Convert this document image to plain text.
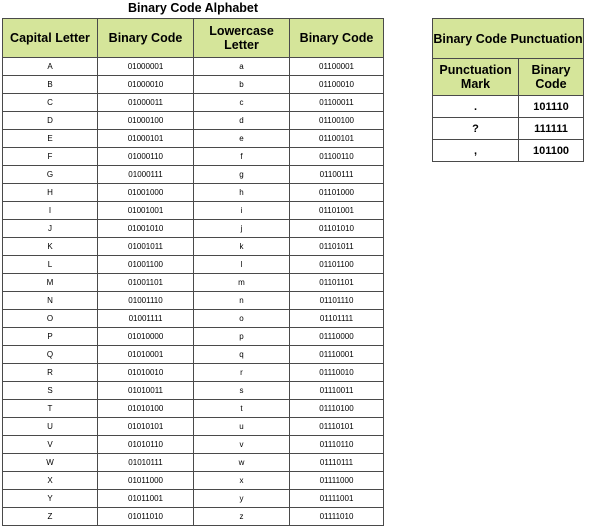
Binary Code Alphabet
Capital Letter	Binary Code	Lowercase Letter	Binary Code
A	01000001	a	01100001
B	01000010	b	01100010
C	01000011	c	01100011
D	01000100	d	01100100
E	01000101	e	01100101
F	01000110	f	01100110
G	01000111	g	01100111
H	01001000	h	01101000
I	01001001	i	01101001
J	01001010	j	01101010
K	01001011	k	01101011
L	01001100	l	01101100
M	01001101	m	01101101
N	01001110	n	01101110
O	01001111	o	01101111
P	01010000	p	01110000
Q	01010001	q	01110001
R	01010010	r	01110010
S	01010011	s	01110011
T	01010100	t	01110100
U	01010101	u	01110101
V	01010110	v	01110110
W	01010111	w	01110111
X	01011000	x	01111000
Y	01011001	y	01111001
Z	01011010	z	01111010
Binary Code Punctuation	
Punctuation Mark	Binary Code
.	101110
?	111111
,	101100
